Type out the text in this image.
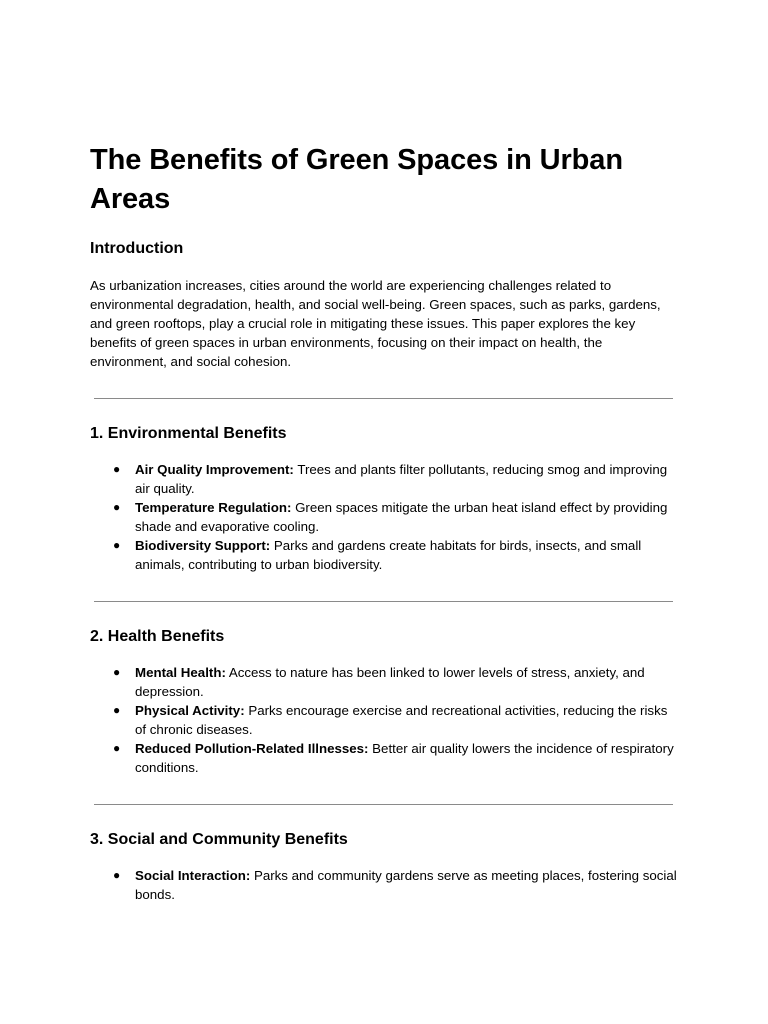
The Benefits of Green Spaces in Urban Areas
Introduction

As urbanization increases, cities around the world are experiencing challenges related to environmental degradation, health, and social well-being. Green spaces, such as parks, gardens, and green rooftops, play a crucial role in mitigating these issues. This paper explores the key benefits of green spaces in urban environments, focusing on their impact on health, the environment, and social cohesion.

1. Environmental Benefits
● Air Quality Improvement: Trees and plants filter pollutants, reducing smog and improving air quality.
● Temperature Regulation: Green spaces mitigate the urban heat island effect by providing shade and evaporative cooling.
● Biodiversity Support: Parks and gardens create habitats for birds, insects, and small animals, contributing to urban biodiversity.
2. Health Benefits
● Mental Health: Access to nature has been linked to lower levels of stress, anxiety, and depression.
● Physical Activity: Parks encourage exercise and recreational activities, reducing the risks of chronic diseases.
● Reduced Pollution-Related Illnesses: Better air quality lowers the incidence of respiratory conditions.
3. Social and Community Benefits
● Social Interaction: Parks and community gardens serve as meeting places, fostering social bonds.
